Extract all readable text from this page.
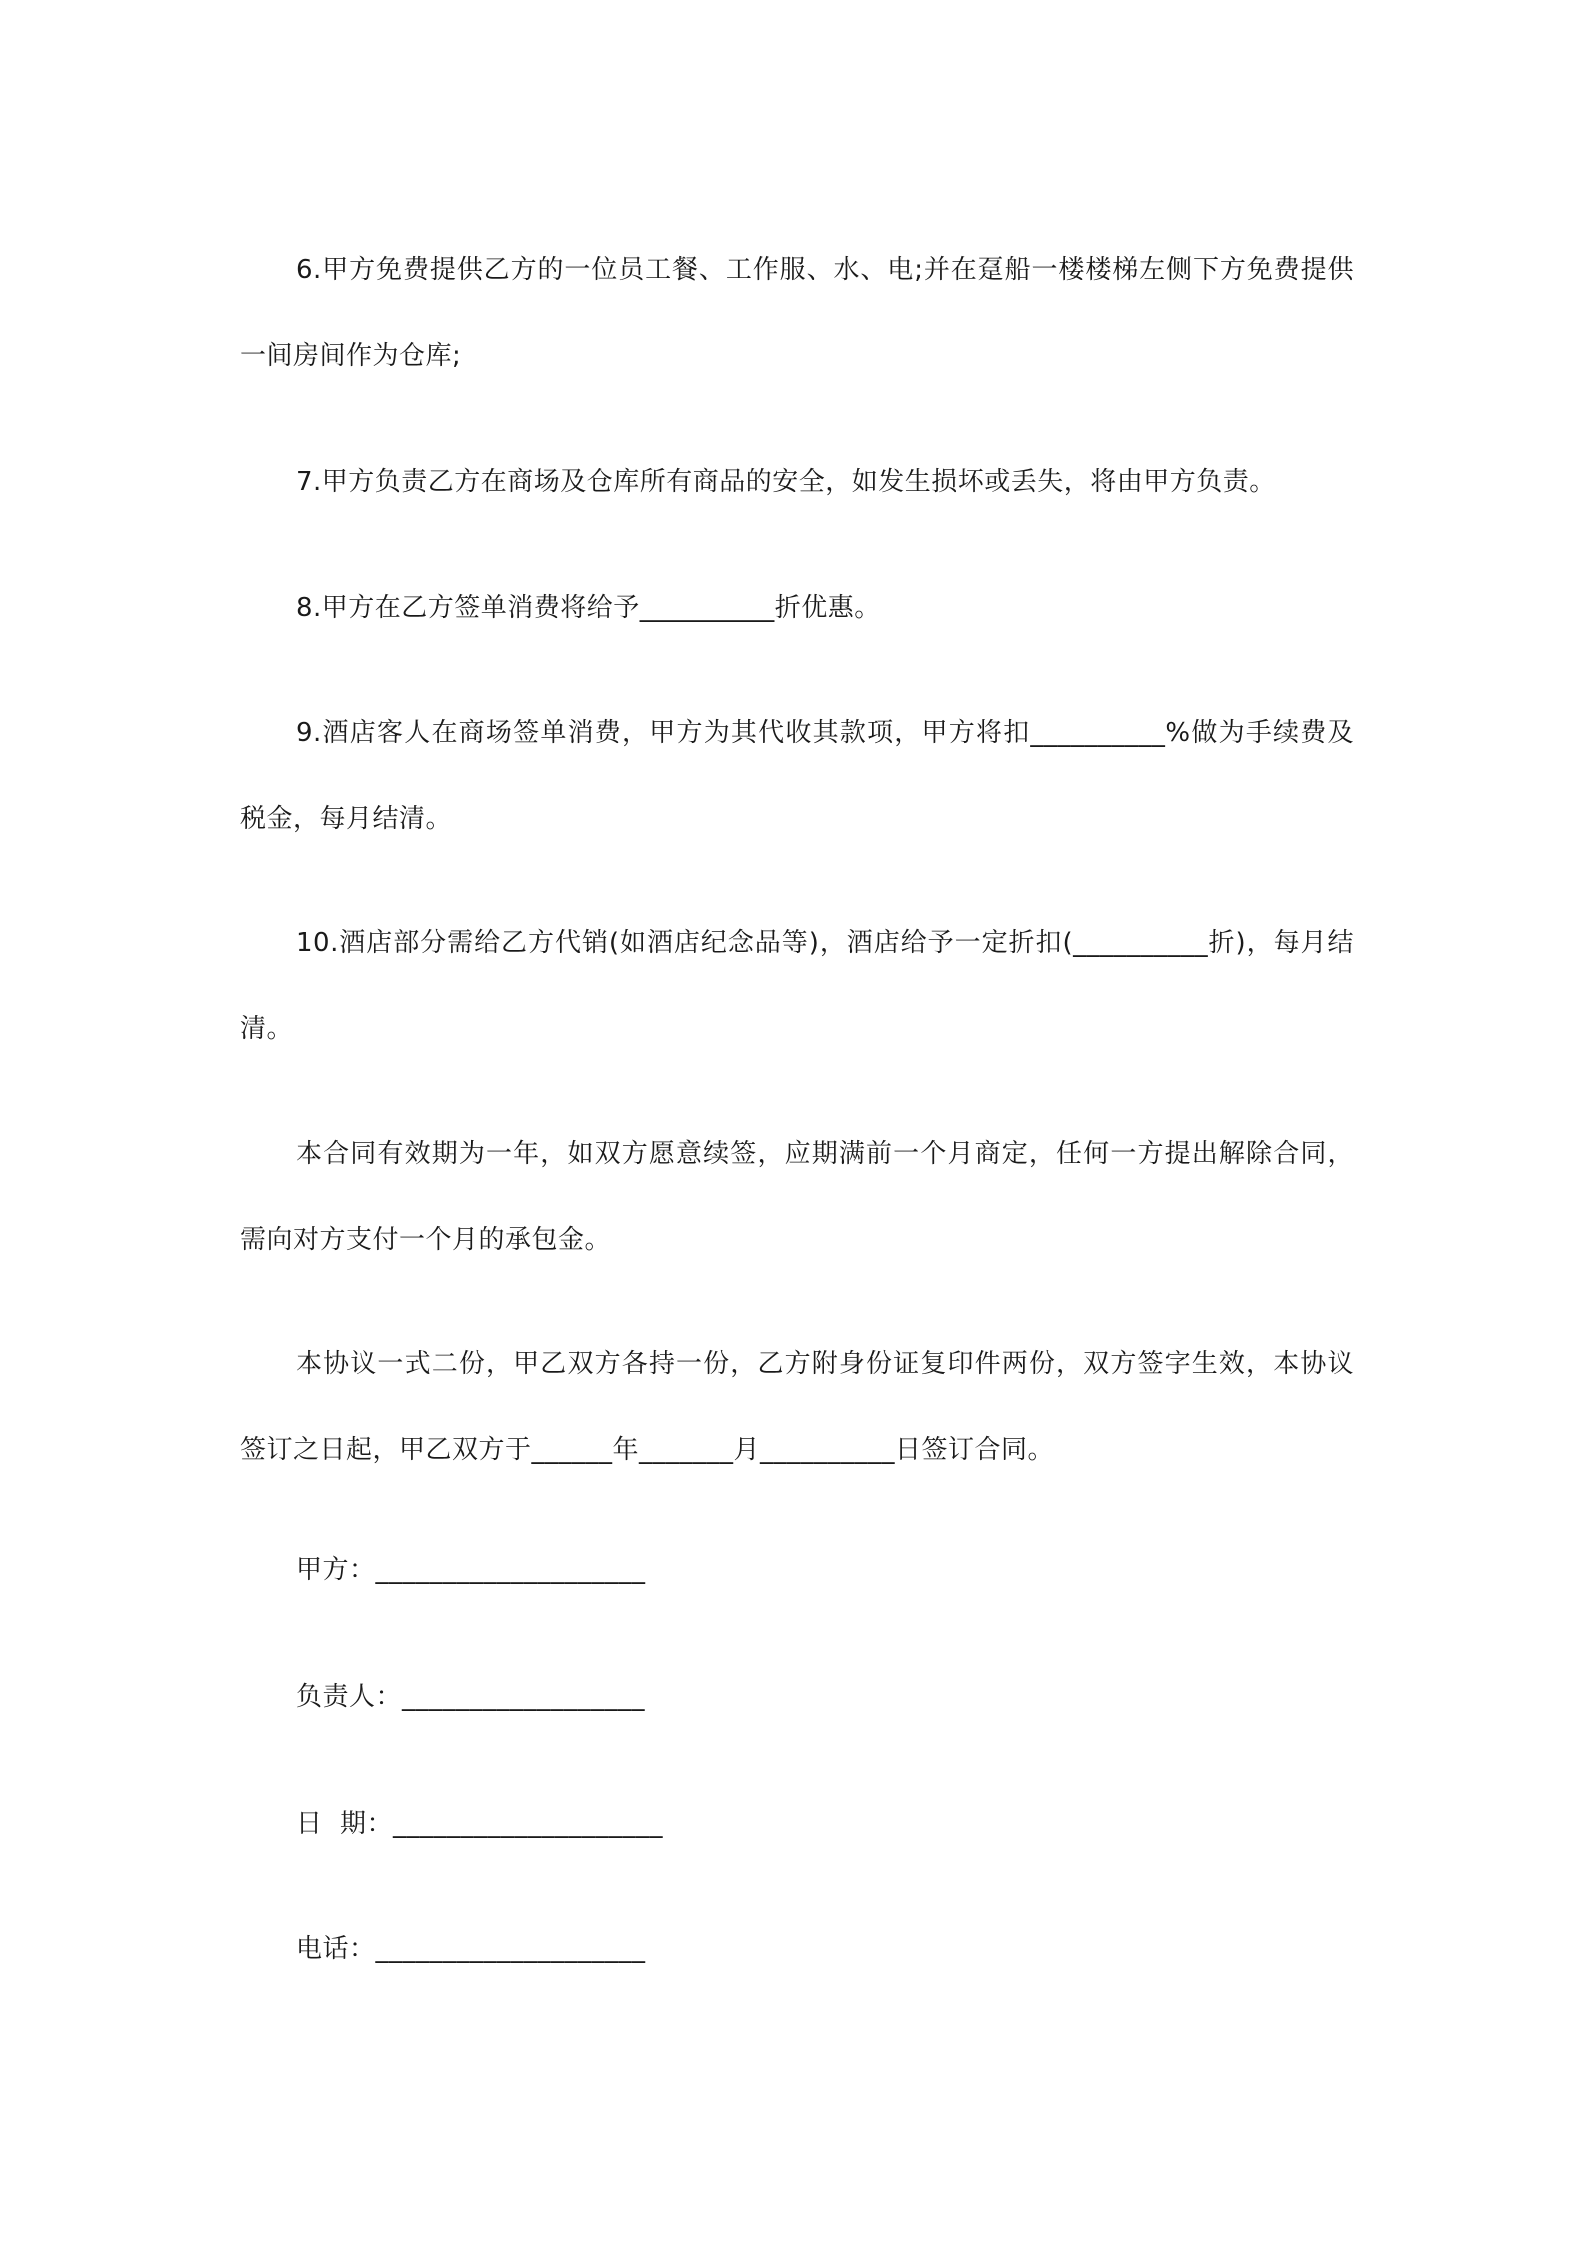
6.甲方免费提供乙方的一位员工餐、工作服、水、电;并在趸船一楼楼梯左侧下方免费提供一间房间作为仓库;

7.甲方负责乙方在商场及仓库所有商品的安全，如发生损坏或丢失，将由甲方负责。

8.甲方在乙方签单消费将给予__________折优惠。

9.酒店客人在商场签单消费，甲方为其代收其款项，甲方将扣__________%做为手续费及税金，每月结清。

10.酒店部分需给乙方代销(如酒店纪念品等)，酒店给予一定折扣(__________折)，每月结清。

本合同有效期为一年，如双方愿意续签，应期满前一个月商定，任何一方提出解除合同，需向对方支付一个月的承包金。

本协议一式二份，甲乙双方各持一份，乙方附身份证复印件两份，双方签字生效，本协议签订之日起，甲乙双方于______年_______月__________日签订合同。

甲方：____________________
负责人：__________________
日  期：____________________
电话：____________________
